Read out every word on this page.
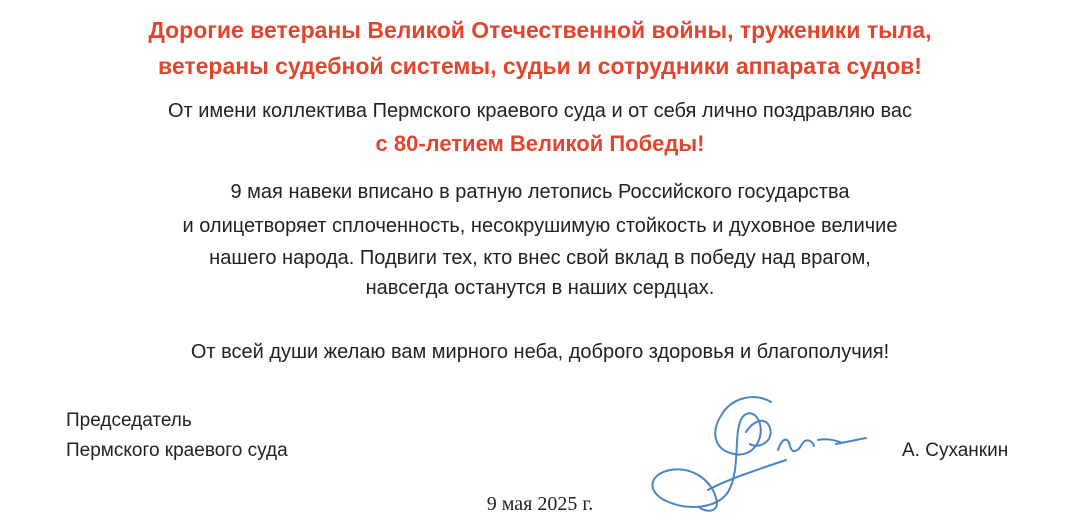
Дорогие ветераны Великой Отечественной войны, труженики тыла,
ветераны судебной системы, судьи и сотрудники аппарата судов!
От имени коллектива Пермского краевого суда и от себя лично поздравляю вас
с 80-летием Великой Победы!
9 мая навеки вписано в ратную летопись Российского государства
и олицетворяет сплоченность, несокрушимую стойкость и духовное величие
нашего народа. Подвиги тех, кто внес свой вклад в победу над врагом,
навсегда останутся в наших сердцах.
От всей души желаю вам мирного неба, доброго здоровья и благополучия!
Председатель
Пермского краевого суда	А. Суханкин
9 мая 2025 г.
